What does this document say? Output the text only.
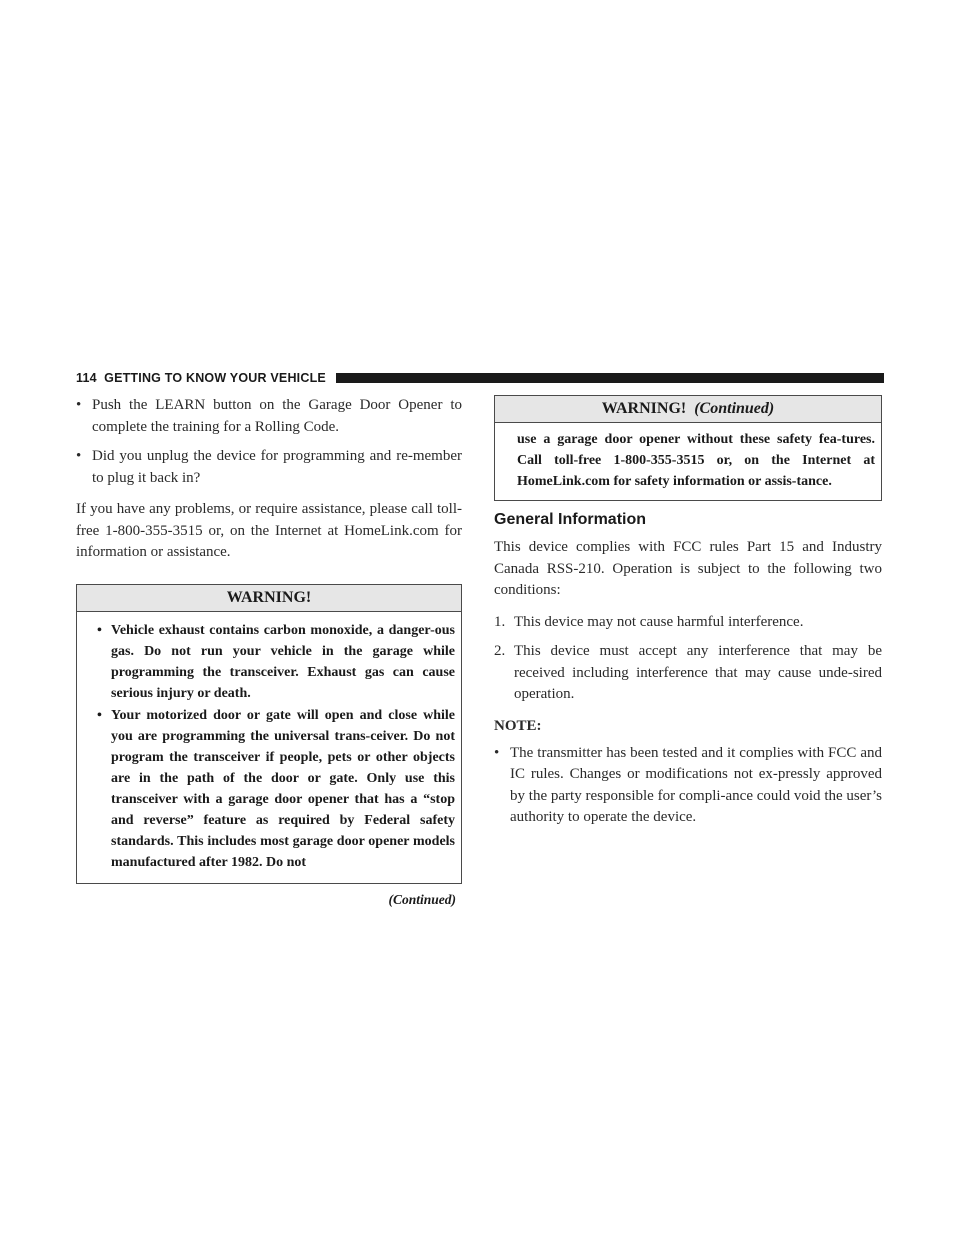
114 GETTING TO KNOW YOUR VEHICLE
• Push the LEARN button on the Garage Door Opener to complete the training for a Rolling Code.
• Did you unplug the device for programming and re-member to plug it back in?

If you have any problems, or require assistance, please call toll-free 1-800-355-3515 or, on the Internet at HomeLink.com for information or assistance.

WARNING!
• Vehicle exhaust contains carbon monoxide, a danger-ous gas. Do not run your vehicle in the garage while programming the transceiver. Exhaust gas can cause serious injury or death.
• Your motorized door or gate will open and close while you are programming the universal trans-ceiver. Do not program the transceiver if people, pets or other objects are in the path of the door or gate. Only use this transceiver with a garage door opener that has a “stop and reverse” feature as required by Federal safety standards. This includes most garage door opener models manufactured after 1982. Do not
(Continued)
WARNING! (Continued)
use a garage door opener without these safety fea-tures. Call toll-free 1-800-355-3515 or, on the Internet at HomeLink.com for safety information or assis-tance.
General Information

This device complies with FCC rules Part 15 and Industry Canada RSS-210. Operation is subject to the following two conditions:

1. This device may not cause harmful interference.
2. This device must accept any interference that may be received including interference that may cause unde-sired operation.
NOTE:
• The transmitter has been tested and it complies with FCC and IC rules. Changes or modifications not ex-pressly approved by the party responsible for compli-ance could void the user’s authority to operate the device.
